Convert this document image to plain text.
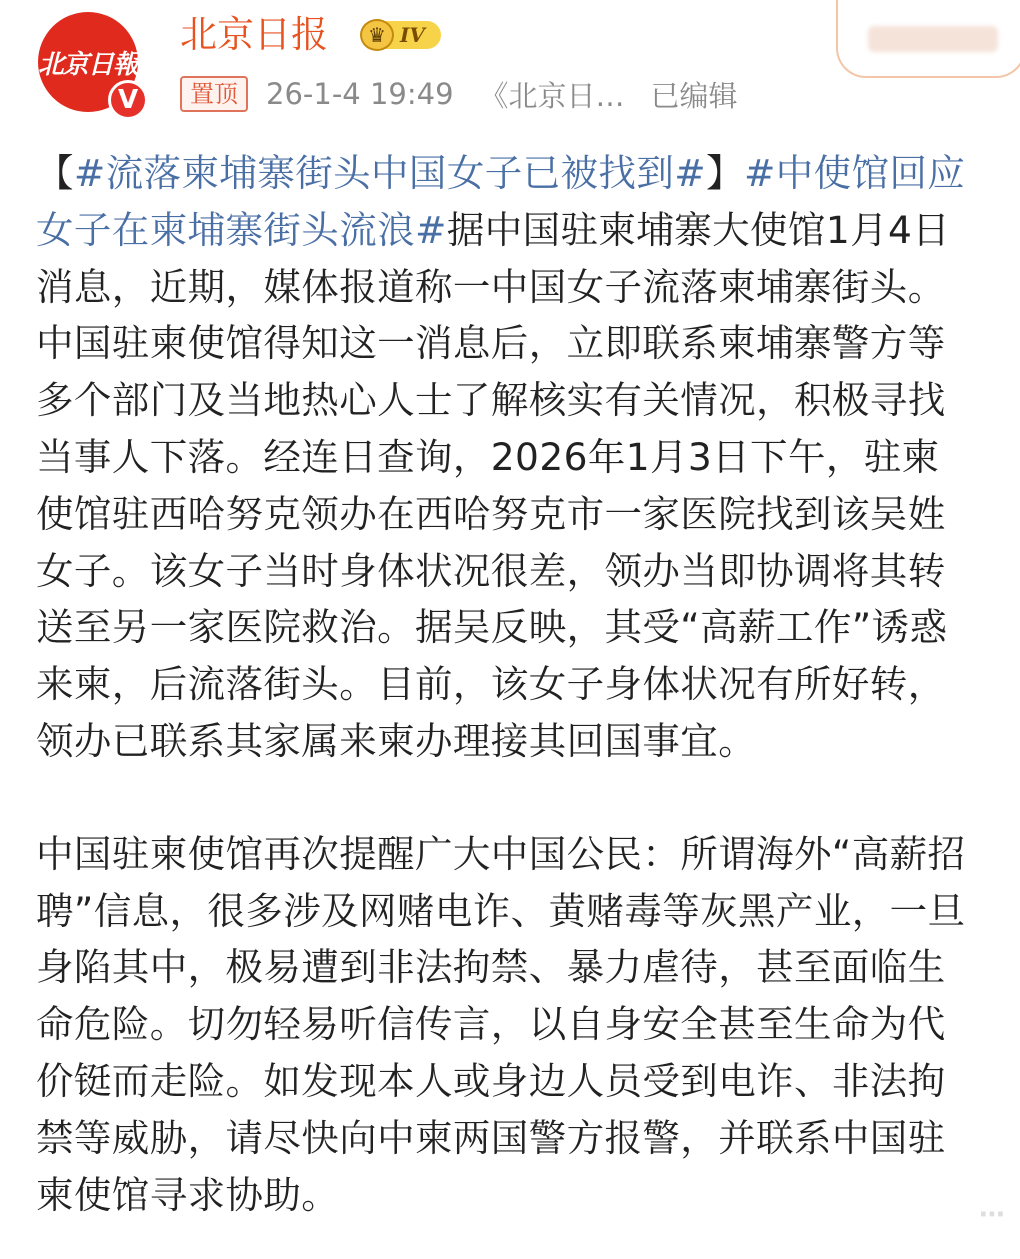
北京日報
V
北京日报	♛ IV
置顶 26-1-4 19:49 《北京日… 已编辑

【#流落柬埔寨街头中国女子已被找到#】#中使馆回应女子在柬埔寨街头流浪#据中国驻柬埔寨大使馆1月4日消息，近期，媒体报道称一中国女子流落柬埔寨街头。中国驻柬使馆得知这一消息后，立即联系柬埔寨警方等多个部门及当地热心人士了解核实有关情况，积极寻找当事人下落。经连日查询，2026年1月3日下午，驻柬使馆驻西哈努克领办在西哈努克市一家医院找到该吴姓女子。该女子当时身体状况很差，领办当即协调将其转送至另一家医院救治。据吴反映，其受“高薪工作”诱惑来柬，后流落街头。目前，该女子身体状况有所好转，领办已联系其家属来柬办理接其回国事宜。

中国驻柬使馆再次提醒广大中国公民：所谓海外“高薪招聘”信息，很多涉及网赌电诈、黄赌毒等灰黑产业，一旦身陷其中，极易遭到非法拘禁、暴力虐待，甚至面临生命危险。切勿轻易听信传言，以自身安全甚至生命为代价铤而走险。如发现本人或身边人员受到电诈、非法拘禁等威胁，请尽快向中柬两国警方报警，并联系中国驻柬使馆寻求协助。	⋯
